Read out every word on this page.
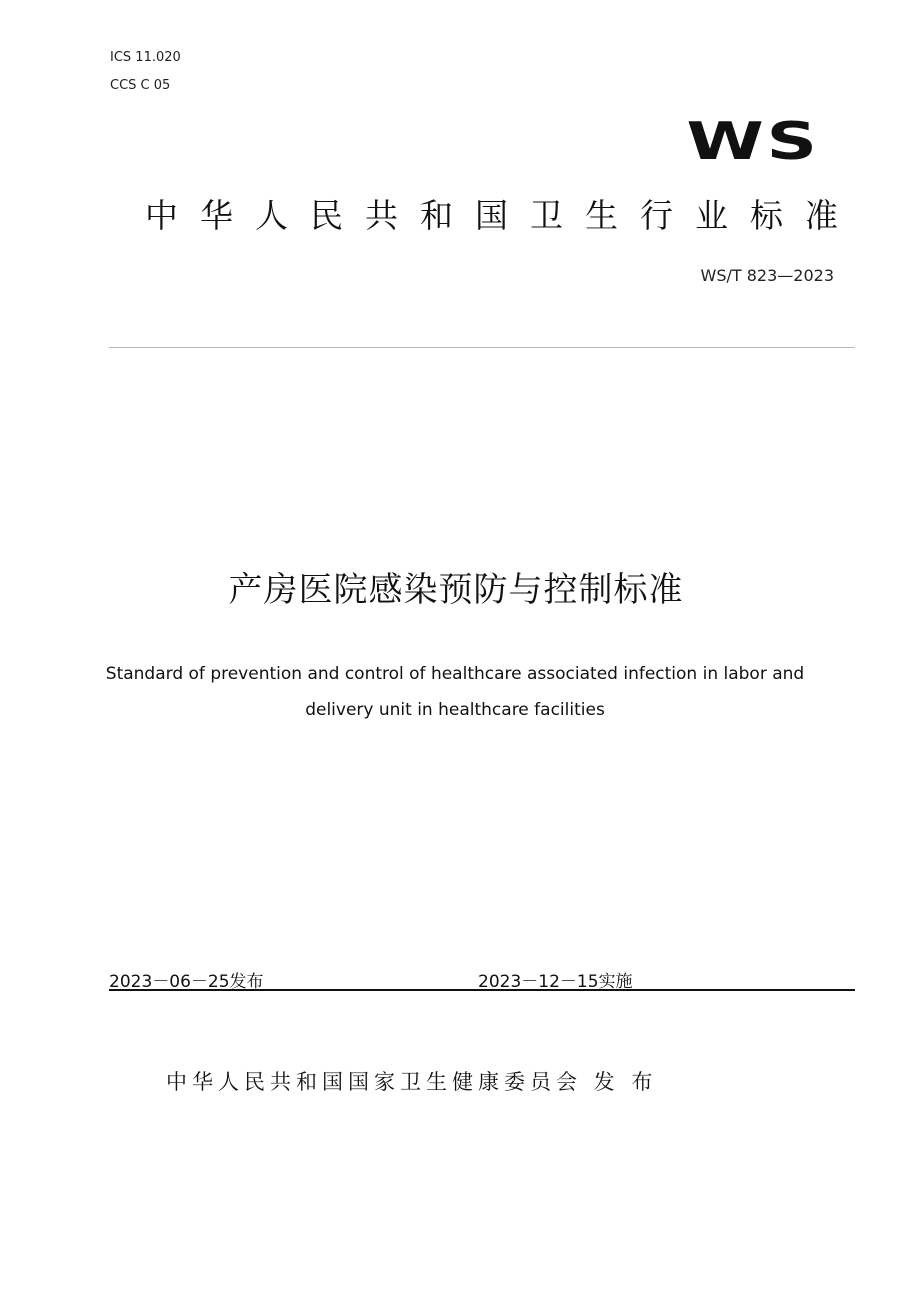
ICS 11.020
CCS C 05
WS
中华人民共和国卫生行业标准
WS/T 823—2023
产房医院感染预防与控制标准
Standard of prevention and control of healthcare associated infection in labor and delivery unit in healthcare facilities
2023－06－25发布	2023－12－15实施
中华人民共和国国家卫生健康委员会 发 布
